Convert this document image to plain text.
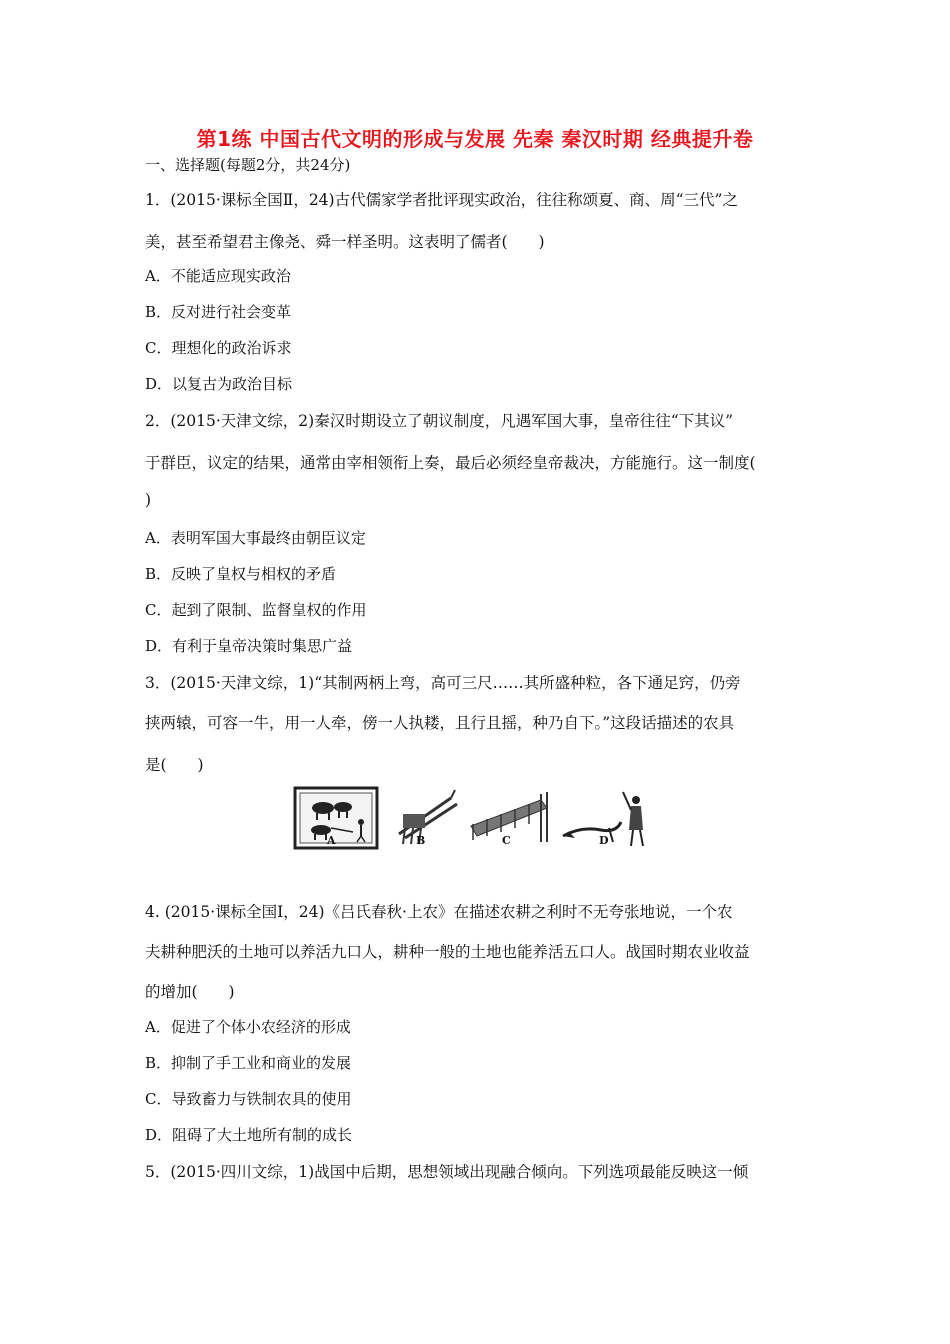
第1练 中国古代文明的形成与发展 先秦 秦汉时期 经典提升卷
一、选择题(每题2分，共24分)
1．(2015·课标全国Ⅱ，24)古代儒家学者批评现实政治，往往称颂夏、商、周“三代”之
美，甚至希望君主像尧、舜一样圣明。这表明了儒者(　　)
A．不能适应现实政治
B．反对进行社会变革
C．理想化的政治诉求
D．以复古为政治目标
2．(2015·天津文综，2)秦汉时期设立了朝议制度，凡遇军国大事，皇帝往往“下其议”
于群臣，议定的结果，通常由宰相领衔上奏，最后必须经皇帝裁决，方能施行。这一制度(
)
A．表明军国大事最终由朝臣议定
B．反映了皇权与相权的矛盾
C．起到了限制、监督皇权的作用
D．有利于皇帝决策时集思广益
3．(2015·天津文综，1)“其制两柄上弯，高可三尺……其所盛种粒，各下通足窍，仍旁
挟两辕，可容一牛，用一人牵，傍一人执耧，且行且摇，种乃自下。”这段话描述的农具
是(　　)
A	B	C	D
4. (2015·课标全国Ⅰ，24)《吕氏春秋·上农》在描述农耕之利时不无夸张地说，一个农
夫耕种肥沃的土地可以养活九口人，耕种一般的土地也能养活五口人。战国时期农业收益
的增加(　　)
A．促进了个体小农经济的形成
B．抑制了手工业和商业的发展
C．导致畜力与铁制农具的使用
D．阻碍了大土地所有制的成长
5．(2015·四川文综，1)战国中后期，思想领域出现融合倾向。下列选项最能反映这一倾
